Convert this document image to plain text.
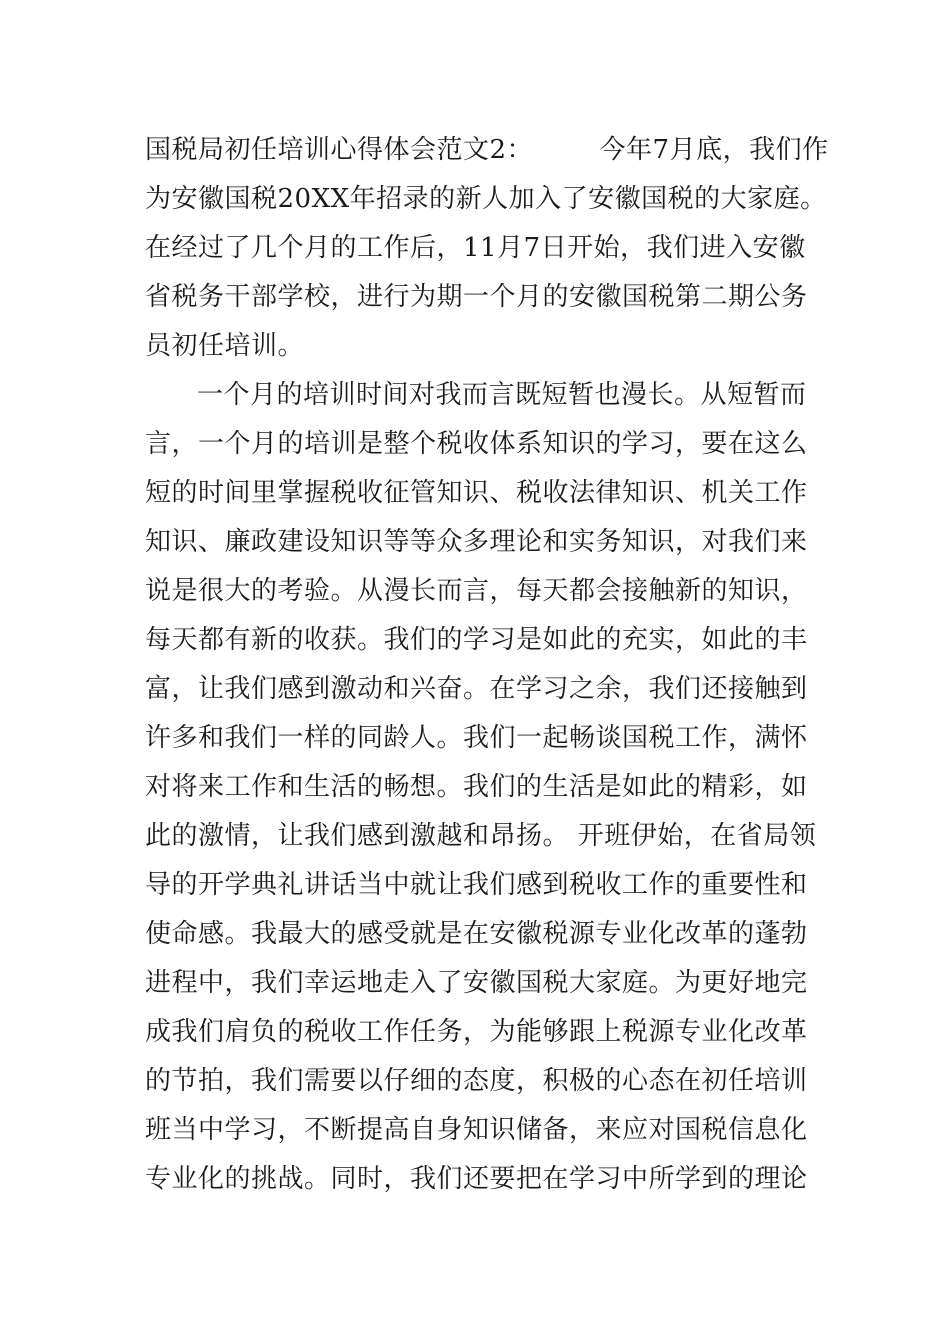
国税局初任培训心得体会范文2：　　　今年7月底，我们作
为安徽国税20XX年招录的新人加入了安徽国税的大家庭。
在经过了几个月的工作后，11月7日开始，我们进入安徽
省税务干部学校，进行为期一个月的安徽国税第二期公务
员初任培训。
一个月的培训时间对我而言既短暂也漫长。从短暂而
言，一个月的培训是整个税收体系知识的学习，要在这么
短的时间里掌握税收征管知识、税收法律知识、机关工作
知识、廉政建设知识等等众多理论和实务知识，对我们来
说是很大的考验。从漫长而言，每天都会接触新的知识，
每天都有新的收获。我们的学习是如此的充实，如此的丰
富，让我们感到激动和兴奋。在学习之余，我们还接触到
许多和我们一样的同龄人。我们一起畅谈国税工作，满怀
对将来工作和生活的畅想。我们的生活是如此的精彩，如
此的激情，让我们感到激越和昂扬。 开班伊始，在省局领
导的开学典礼讲话当中就让我们感到税收工作的重要性和
使命感。我最大的感受就是在安徽税源专业化改革的蓬勃
进程中，我们幸运地走入了安徽国税大家庭。为更好地完
成我们肩负的税收工作任务，为能够跟上税源专业化改革
的节拍，我们需要以仔细的态度，积极的心态在初任培训
班当中学习，不断提高自身知识储备，来应对国税信息化
专业化的挑战。同时，我们还要把在学习中所学到的理论
